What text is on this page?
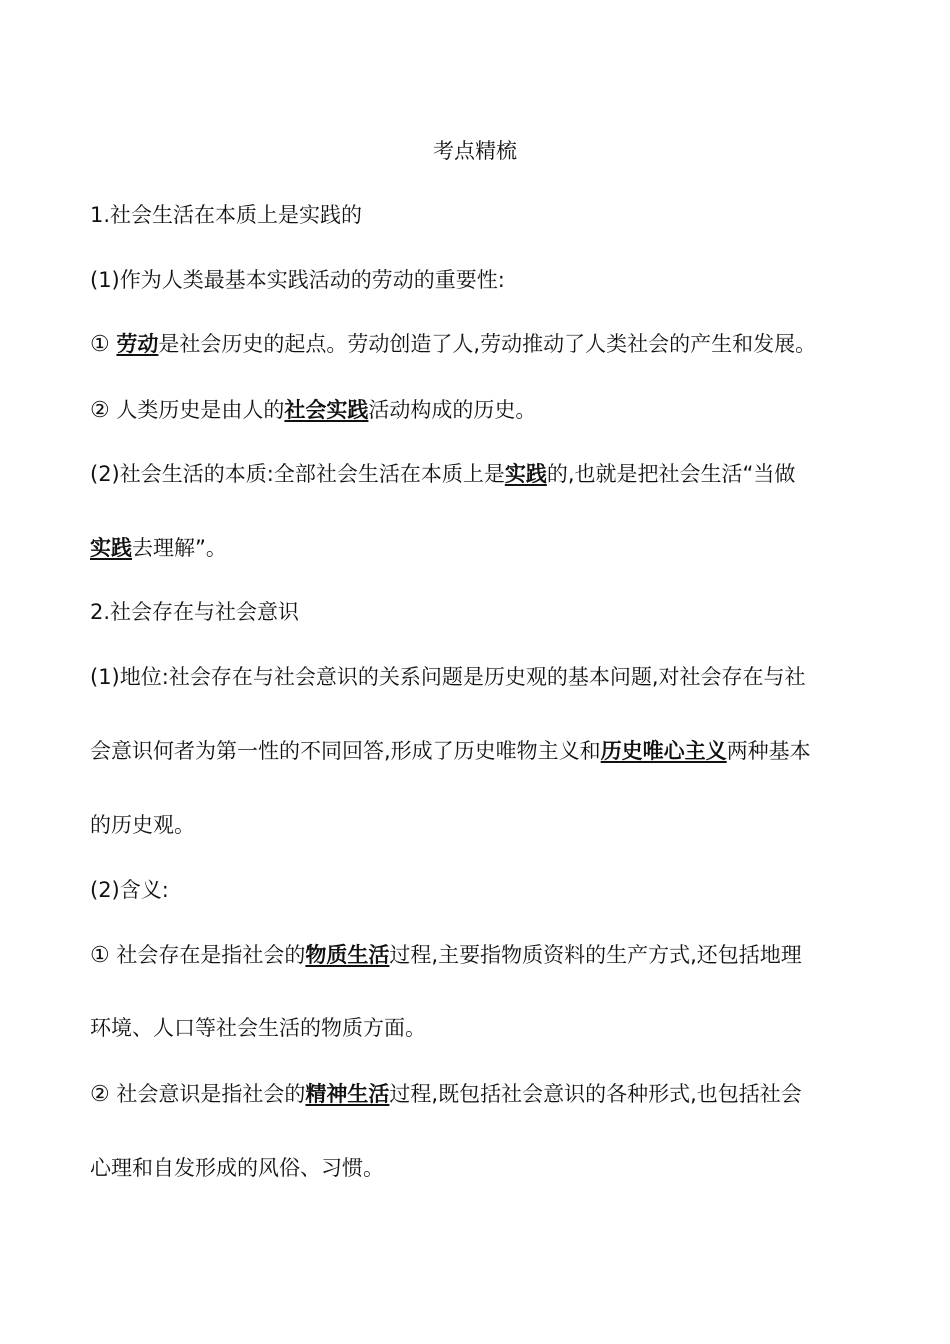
考点精梳
1.社会生活在本质上是实践的
(1)作为人类最基本实践活动的劳动的重要性:
① 劳动是社会历史的起点。劳动创造了人,劳动推动了人类社会的产生和发展。
② 人类历史是由人的社会实践活动构成的历史。
(2)社会生活的本质:全部社会生活在本质上是实践的,也就是把社会生活“当做
实践去理解”。
2.社会存在与社会意识
(1)地位:社会存在与社会意识的关系问题是历史观的基本问题,对社会存在与社
会意识何者为第一性的不同回答,形成了历史唯物主义和历史唯心主义两种基本
的历史观。
(2)含义:
① 社会存在是指社会的物质生活过程,主要指物质资料的生产方式,还包括地理
环境、人口等社会生活的物质方面。
② 社会意识是指社会的精神生活过程,既包括社会意识的各种形式,也包括社会
心理和自发形成的风俗、习惯。
